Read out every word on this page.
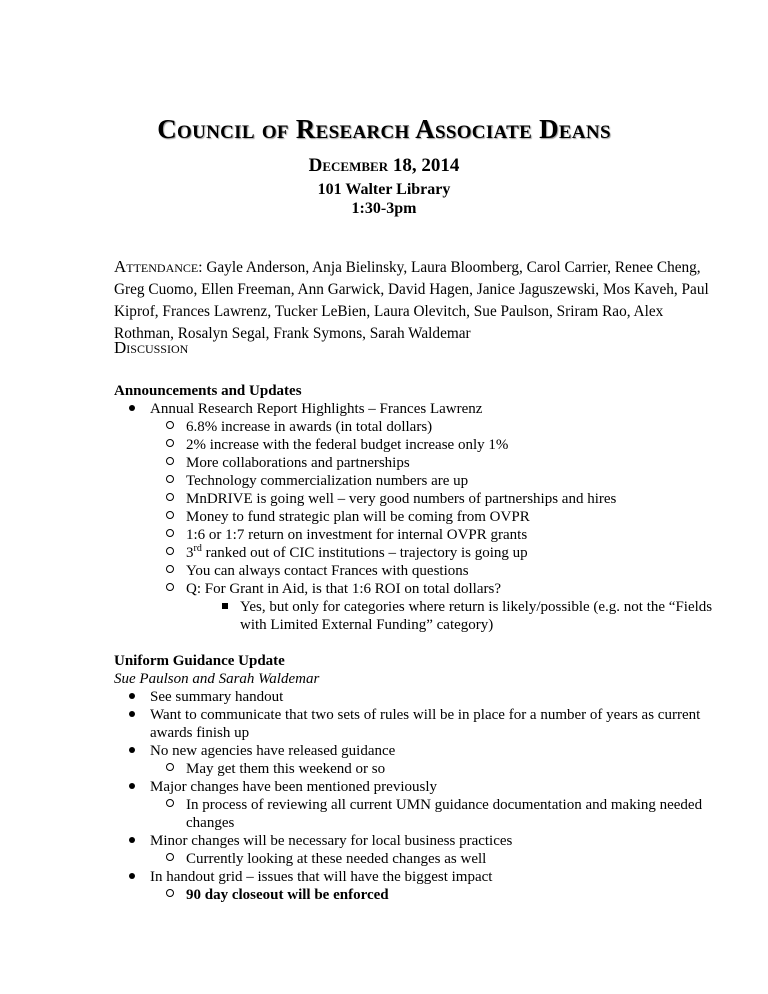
Council of Research Associate Deans
December 18, 2014
101 Walter Library
1:30-3pm
Attendance: Gayle Anderson, Anja Bielinsky, Laura Bloomberg, Carol Carrier, Renee Cheng, Greg Cuomo, Ellen Freeman, Ann Garwick, David Hagen, Janice Jaguszewski, Mos Kaveh, Paul Kiprof, Frances Lawrenz, Tucker LeBien, Laura Olevitch, Sue Paulson, Sriram Rao, Alex Rothman, Rosalyn Segal, Frank Symons, Sarah Waldemar
Discussion
Announcements and Updates
Annual Research Report Highlights – Frances Lawrenz
6.8% increase in awards (in total dollars)
2% increase with the federal budget increase only 1%
More collaborations and partnerships
Technology commercialization numbers are up
MnDRIVE is going well – very good numbers of partnerships and hires
Money to fund strategic plan will be coming from OVPR
1:6 or 1:7 return on investment for internal OVPR grants
3rd ranked out of CIC institutions – trajectory is going up
You can always contact Frances with questions
Q: For Grant in Aid, is that 1:6 ROI on total dollars?
Yes, but only for categories where return is likely/possible (e.g. not the “Fields with Limited External Funding” category)
Uniform Guidance Update
Sue Paulson and Sarah Waldemar
See summary handout
Want to communicate that two sets of rules will be in place for a number of years as current awards finish up
No new agencies have released guidance
May get them this weekend or so
Major changes have been mentioned previously
In process of reviewing all current UMN guidance documentation and making needed changes
Minor changes will be necessary for local business practices
Currently looking at these needed changes as well
In handout grid – issues that will have the biggest impact
90 day closeout will be enforced
